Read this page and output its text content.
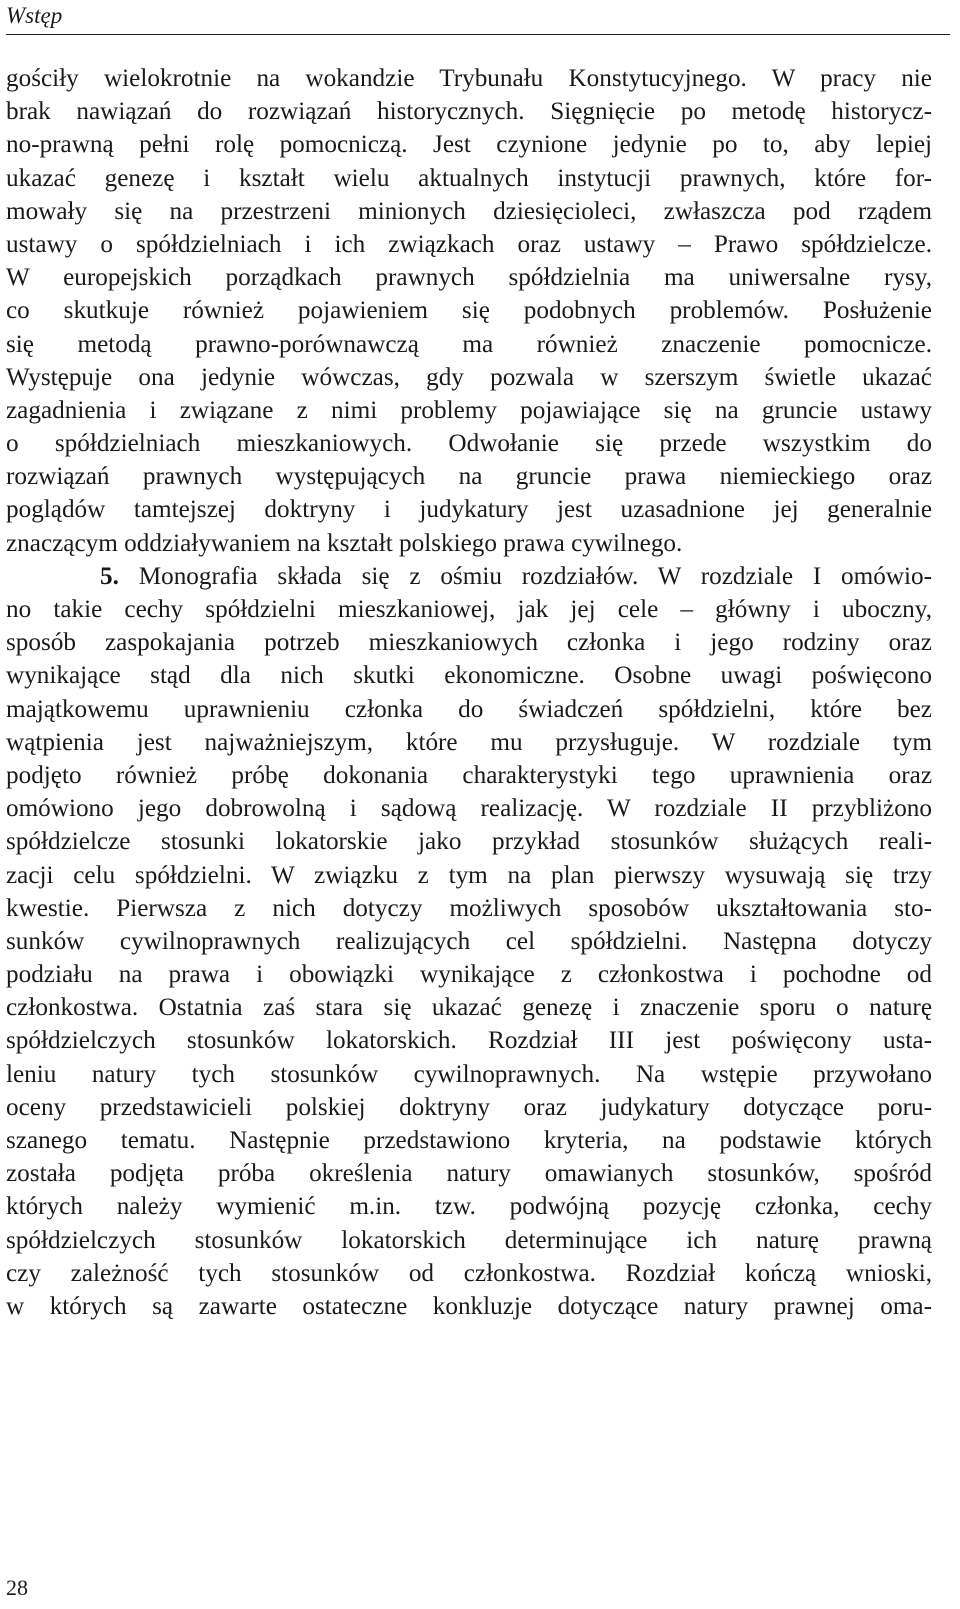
Wstęp
gościły wielokrotnie na wokandzie Trybunału Konstytucyjnego. W pracy nie
brak nawiązań do rozwiązań historycznych. Sięgnięcie po metodę historycz-
no-prawną pełni rolę pomocniczą. Jest czynione jedynie po to, aby lepiej
ukazać genezę i kształt wielu aktualnych instytucji prawnych, które for-
mowały się na przestrzeni minionych dziesięcioleci, zwłaszcza pod rządem
ustawy o spółdzielniach i ich związkach oraz ustawy – Prawo spółdzielcze.
W europejskich porządkach prawnych spółdzielnia ma uniwersalne rysy,
co skutkuje również pojawieniem się podobnych problemów. Posłużenie
się metodą prawno-porównawczą ma również znaczenie pomocnicze.
Występuje ona jedynie wówczas, gdy pozwala w szerszym świetle ukazać
zagadnienia i związane z nimi problemy pojawiające się na gruncie ustawy
o spółdzielniach mieszkaniowych. Odwołanie się przede wszystkim do
rozwiązań prawnych występujących na gruncie prawa niemieckiego oraz
poglądów tamtejszej doktryny i judykatury jest uzasadnione jej generalnie
znaczącym oddziaływaniem na kształt polskiego prawa cywilnego.
5. Monografia składa się z ośmiu rozdziałów. W rozdziale I omówio-
no takie cechy spółdzielni mieszkaniowej, jak jej cele – główny i uboczny,
sposób zaspokajania potrzeb mieszkaniowych członka i jego rodziny oraz
wynikające stąd dla nich skutki ekonomiczne. Osobne uwagi poświęcono
majątkowemu uprawnieniu członka do świadczeń spółdzielni, które bez
wątpienia jest najważniejszym, które mu przysługuje. W rozdziale tym
podjęto również próbę dokonania charakterystyki tego uprawnienia oraz
omówiono jego dobrowolną i sądową realizację. W rozdziale II przybliżono
spółdzielcze stosunki lokatorskie jako przykład stosunków służących reali-
zacji celu spółdzielni. W związku z tym na plan pierwszy wysuwają się trzy
kwestie. Pierwsza z nich dotyczy możliwych sposobów ukształtowania sto-
sunków cywilnoprawnych realizujących cel spółdzielni. Następna dotyczy
podziału na prawa i obowiązki wynikające z członkostwa i pochodne od
członkostwa. Ostatnia zaś stara się ukazać genezę i znaczenie sporu o naturę
spółdzielczych stosunków lokatorskich. Rozdział III jest poświęcony usta-
leniu natury tych stosunków cywilnoprawnych. Na wstępie przywołano
oceny przedstawicieli polskiej doktryny oraz judykatury dotyczące poru-
szanego tematu. Następnie przedstawiono kryteria, na podstawie których
została podjęta próba określenia natury omawianych stosunków, spośród
których należy wymienić m.in. tzw. podwójną pozycję członka, cechy
spółdzielczych stosunków lokatorskich determinujące ich naturę prawną
czy zależność tych stosunków od członkostwa. Rozdział kończą wnioski,
w których są zawarte ostateczne konkluzje dotyczące natury prawnej oma-
28
